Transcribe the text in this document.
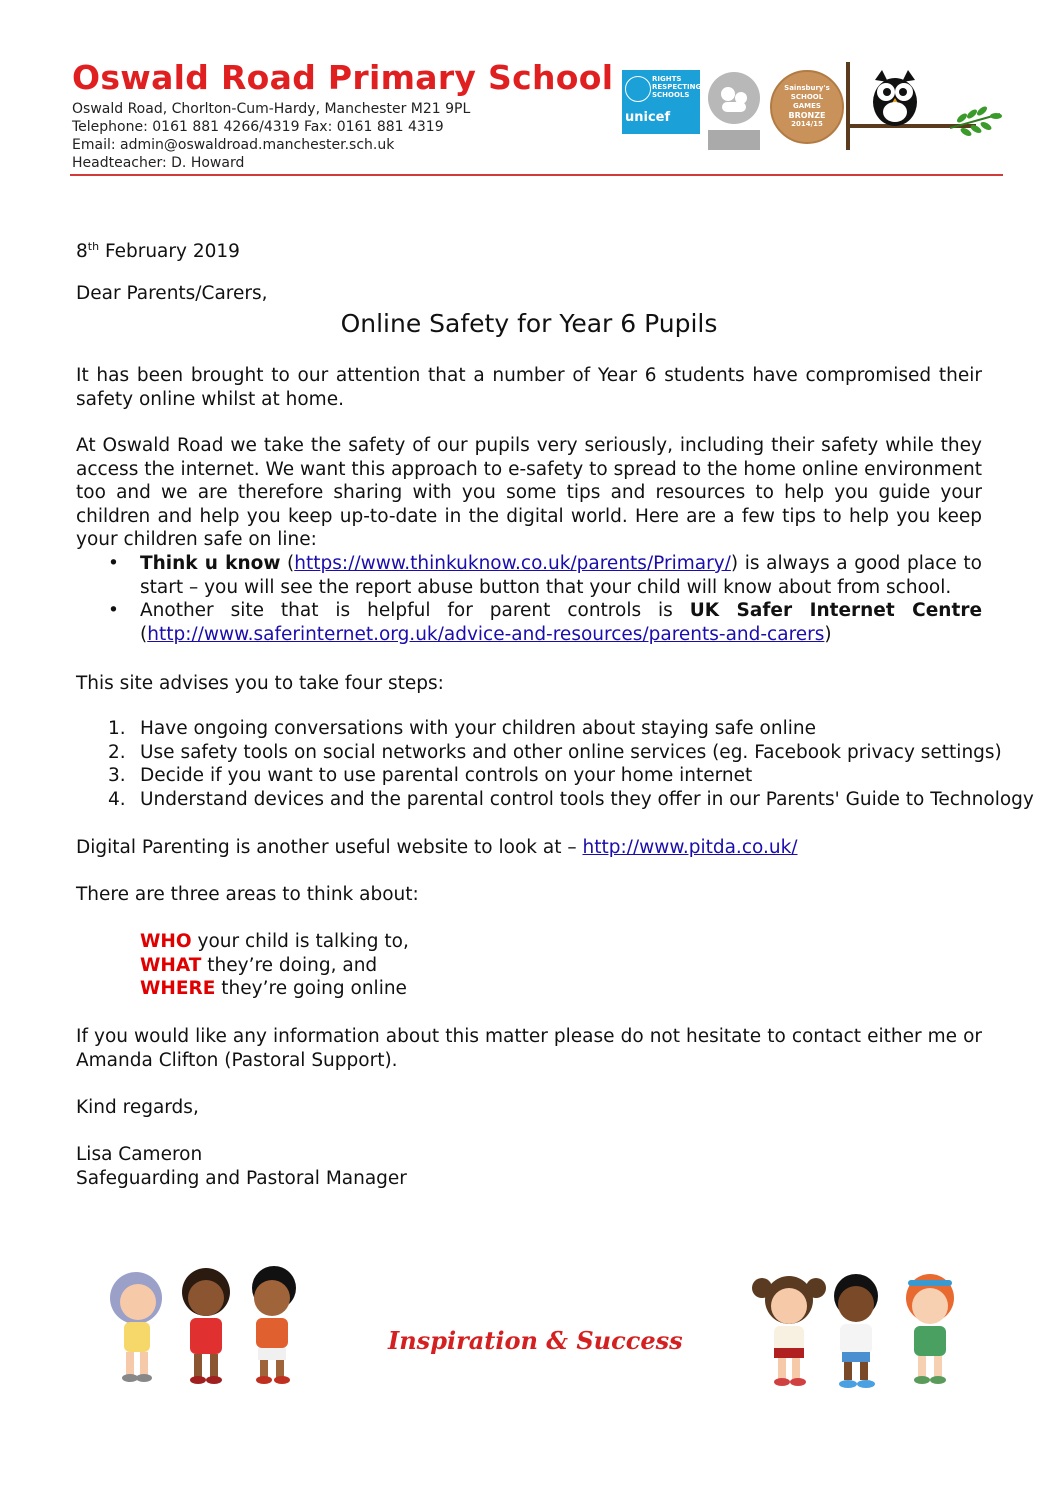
Oswald Road Primary School
Oswald Road, Chorlton-Cum-Hardy, Manchester M21 9PL
Telephone: 0161 881 4266/4319 Fax: 0161 881 4319
Email: admin@oswaldroad.manchester.sch.uk
Headteacher: D. Howard
RIGHTS
RESPECTING
SCHOOLS
unicef
Sainsbury's
SCHOOL
GAMES
BRONZE
2014/15
8th February 2019
Dear Parents/Carers,
Online Safety for Year 6 Pupils
It has been brought to our attention that a number of Year 6 students have compromised their safety online whilst at home.
At Oswald Road we take the safety of our pupils very seriously, including their safety while they access the internet. We want this approach to e-safety to spread to the home online environment too and we are therefore sharing with you some tips and resources to help you guide your children and help you keep up-to-date in the digital world. Here are a few tips to help you keep your children safe on line:
• Think u know (https://www.thinkuknow.co.uk/parents/Primary/) is always a good place to start – you will see the report abuse button that your child will know about from school.
• Another site that is helpful for parent controls is UK Safer Internet Centre (http://www.saferinternet.org.uk/advice-and-resources/parents-and-carers)
This site advises you to take four steps:
1. Have ongoing conversations with your children about staying safe online
2. Use safety tools on social networks and other online services (eg. Facebook privacy settings)
3. Decide if you want to use parental controls on your home internet
4. Understand devices and the parental control tools they offer in our Parents' Guide to Technology
Digital Parenting is another useful website to look at – http://www.pitda.co.uk/
There are three areas to think about:
WHO your child is talking to,
WHAT they’re doing, and
WHERE they’re going online
If you would like any information about this matter please do not hesitate to contact either me or Amanda Clifton (Pastoral Support).
Kind regards,
Lisa Cameron
Safeguarding and Pastoral Manager
Inspiration & Success
